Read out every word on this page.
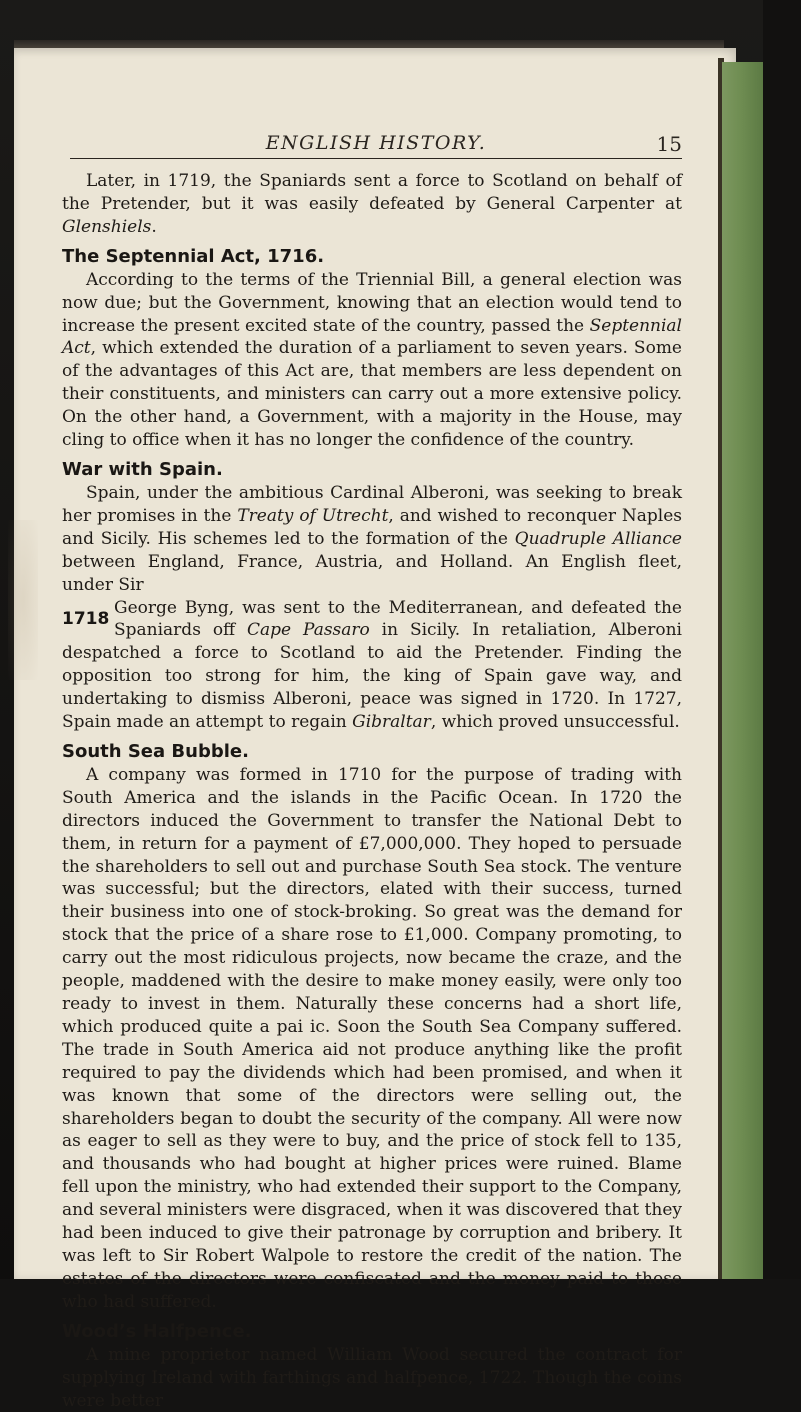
ENGLISH HISTORY.	15

Later, in 1719, the Spaniards sent a force to Scotland on behalf of the Pretender, but it was easily defeated by General Carpenter at Glenshiels.

The Septennial Act, 1716.

According to the terms of the Triennial Bill, a general election was now due; but the Government, knowing that an election would tend to increase the present excited state of the country, passed the Septennial Act, which extended the duration of a parliament to seven years. Some of the advantages of this Act are, that members are less dependent on their constituents, and ministers can carry out a more extensive policy. On the other hand, a Government, with a majority in the House, may cling to office when it has no longer the confidence of the country.

War with Spain.

Spain, under the ambitious Cardinal Alberoni, was seeking to break her promises in the Treaty of Utrecht, and wished to reconquer Naples and Sicily. His schemes led to the formation of the Quadruple Alliance between England, France, Austria, and Holland. An English fleet, under Sir

1718
George Byng, was sent to the Mediterranean, and defeated the Spaniards off Cape Passaro in Sicily. In retaliation, Alberoni despatched a force to Scotland to aid the Pretender. Finding the opposition too strong for him, the king of Spain gave way, and undertaking to dismiss Alberoni, peace was signed in 1720. In 1727, Spain made an attempt to regain Gibraltar, which proved unsuccessful.

South Sea Bubble.

A company was formed in 1710 for the purpose of trading with South America and the islands in the Pacific Ocean. In 1720 the directors induced the Government to transfer the National Debt to them, in return for a payment of £7,000,000. They hoped to persuade the shareholders to sell out and purchase South Sea stock. The venture was successful; but the directors, elated with their success, turned their business into one of stock-broking. So great was the demand for stock that the price of a share rose to £1,000. Company promoting, to carry out the most ridiculous projects, now became the craze, and the people, maddened with the desire to make money easily, were only too ready to invest in them. Naturally these concerns had a short life, which produced quite a pai ic. Soon the South Sea Company suffered. The trade in South America aid not produce anything like the profit required to pay the dividends which had been promised, and when it was known that some of the directors were selling out, the shareholders began to doubt the security of the company. All were now as eager to sell as they were to buy, and the price of stock fell to 135, and thousands who had bought at higher prices were ruined. Blame fell upon the ministry, who had extended their support to the Company, and several ministers were disgraced, when it was discovered that they had been induced to give their patronage by corruption and bribery. It was left to Sir Robert Walpole to restore the credit of the nation. The estates of the directors were confiscated and the money paid to those who had suffered.

Wood’s Halfpence.

A mine proprietor named William Wood secured the contract for supplying Ireland with farthings and halfpence, 1722. Though the coins were better
